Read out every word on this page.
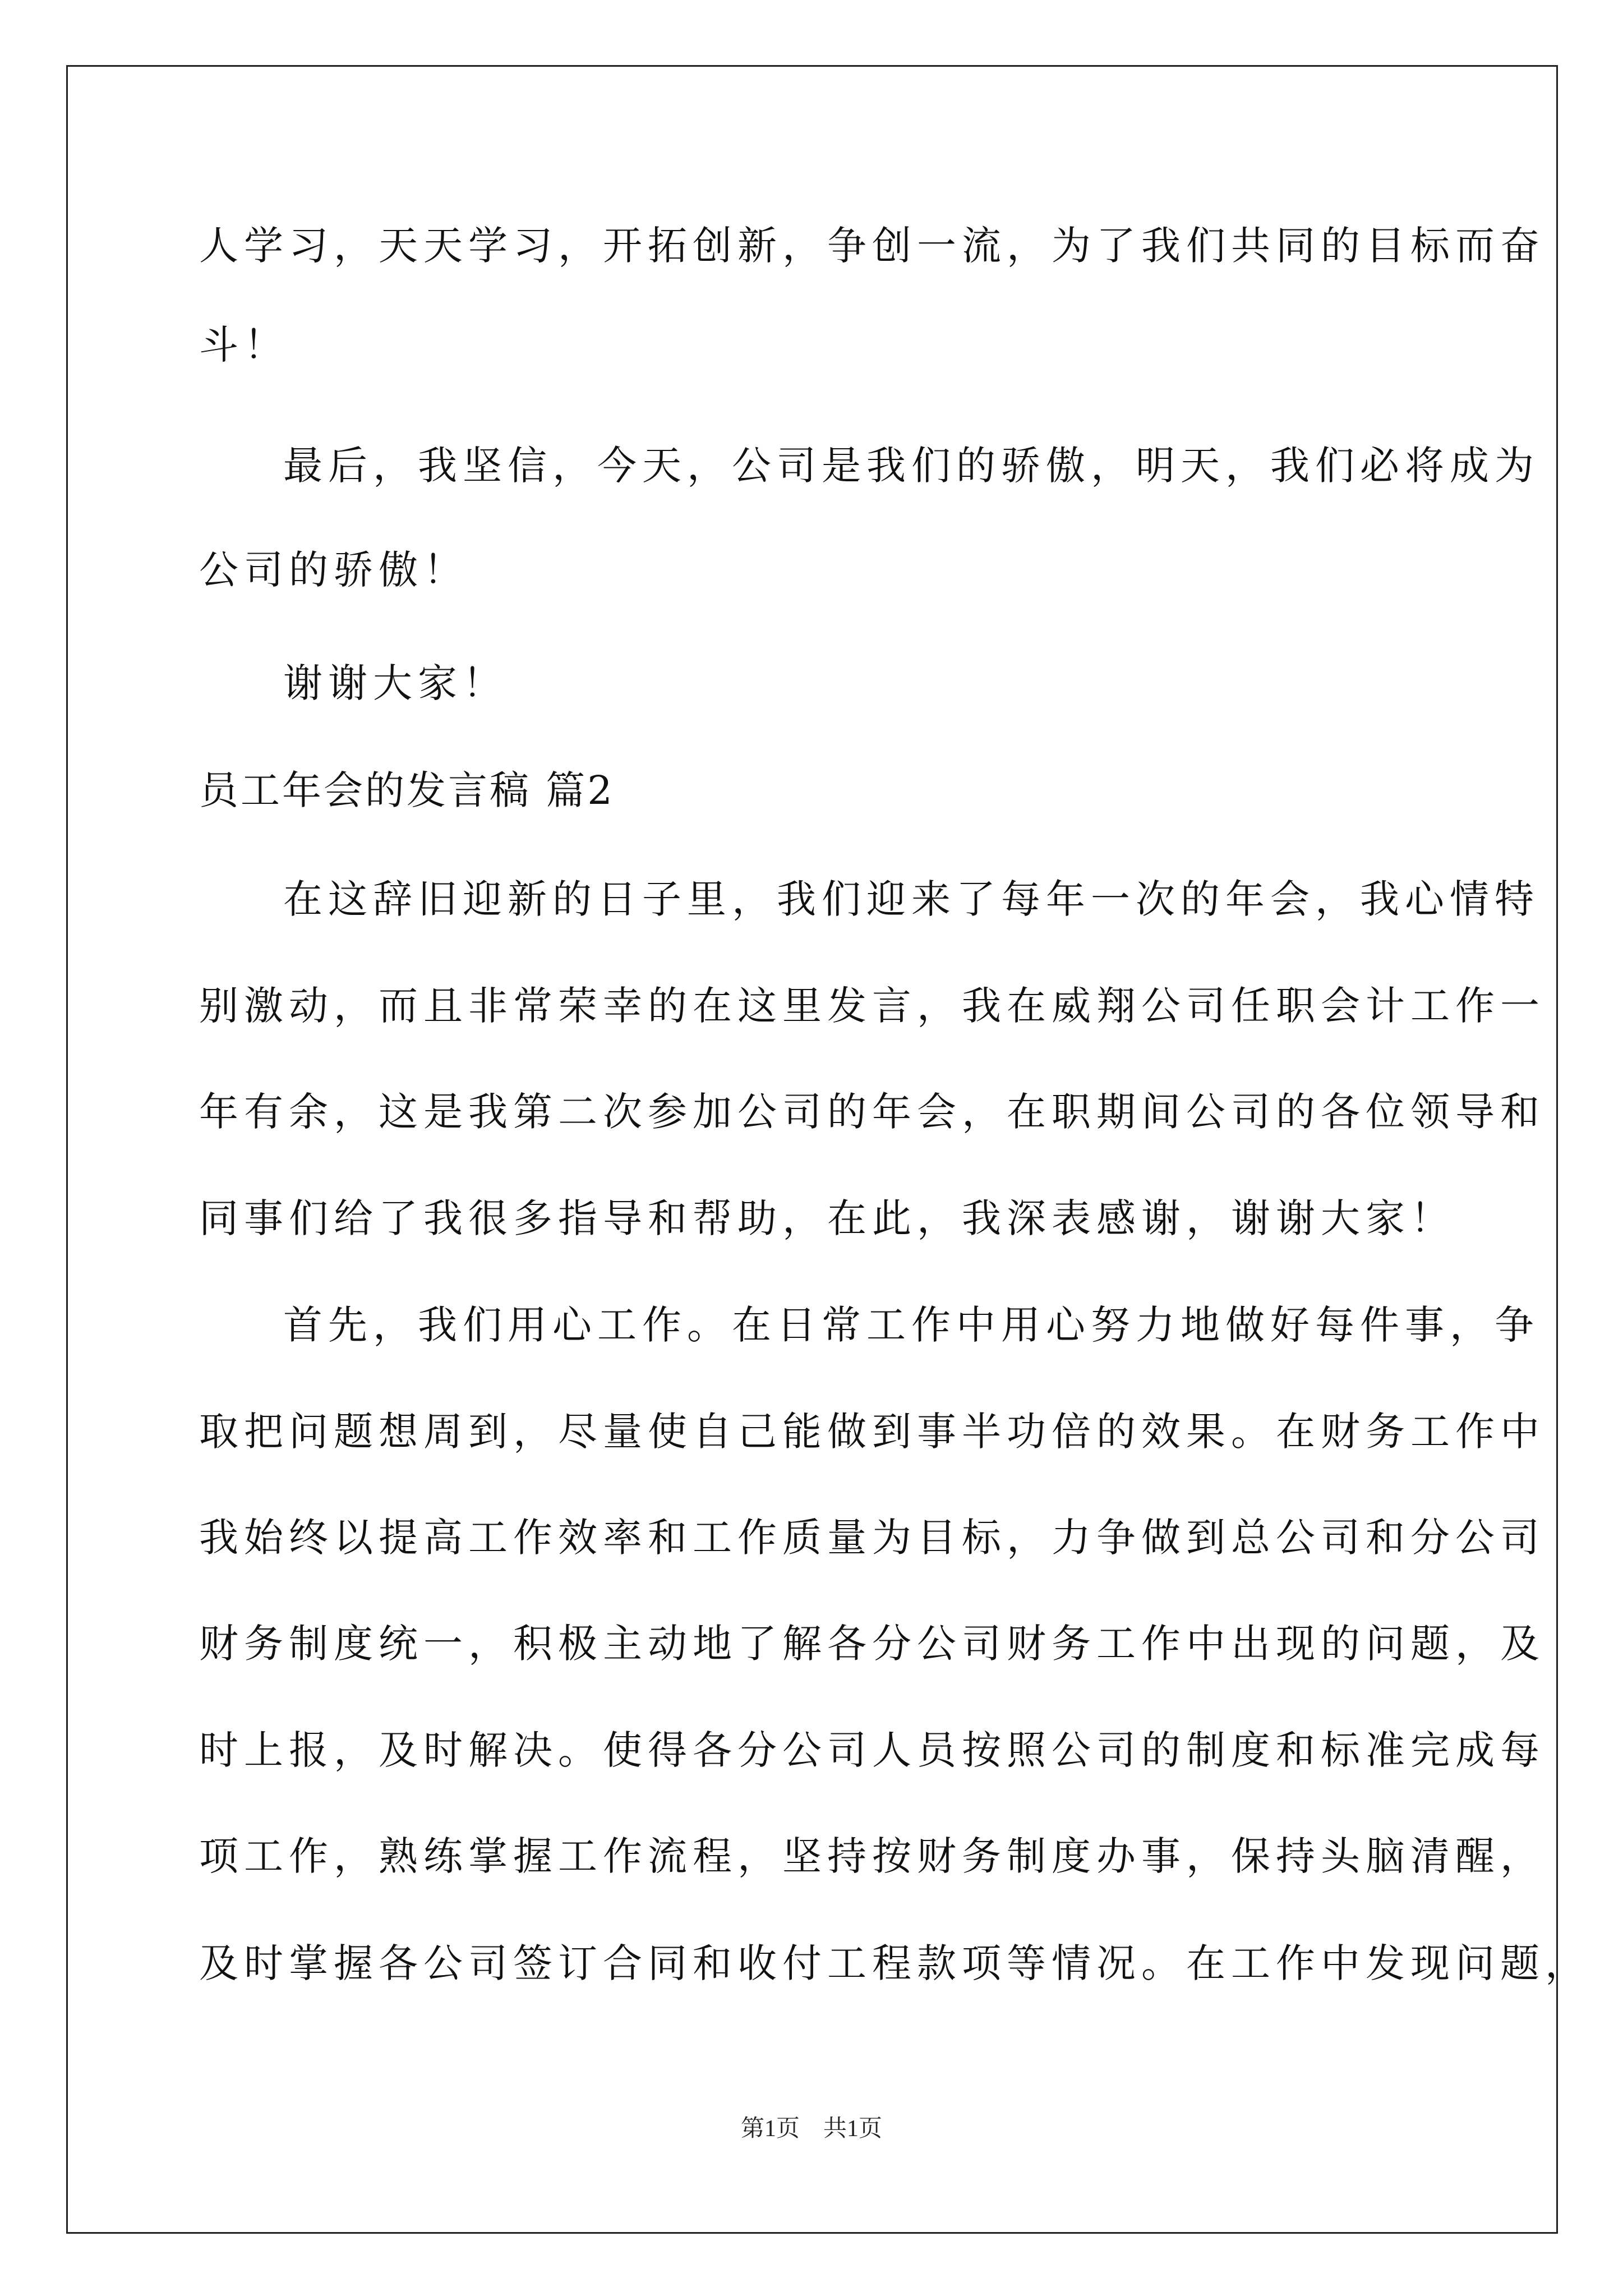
人学习，天天学习，开拓创新，争创一流，为了我们共同的目标而奋

斗！

最后，我坚信，今天，公司是我们的骄傲，明天，我们必将成为

公司的骄傲！

谢谢大家！

员工年会的发言稿 篇2

在这辞旧迎新的日子里，我们迎来了每年一次的年会，我心情特

别激动，而且非常荣幸的在这里发言，我在威翔公司任职会计工作一

年有余，这是我第二次参加公司的年会，在职期间公司的各位领导和

同事们给了我很多指导和帮助，在此，我深表感谢，谢谢大家！

首先，我们用心工作。在日常工作中用心努力地做好每件事，争

取把问题想周到，尽量使自己能做到事半功倍的效果。在财务工作中

我始终以提高工作效率和工作质量为目标，力争做到总公司和分公司

财务制度统一，积极主动地了解各分公司财务工作中出现的问题，及

时上报，及时解决。使得各分公司人员按照公司的制度和标准完成每

项工作，熟练掌握工作流程，坚持按财务制度办事，保持头脑清醒，

及时掌握各公司签订合同和收付工程款项等情况。在工作中发现问题，

第1页　共1页
